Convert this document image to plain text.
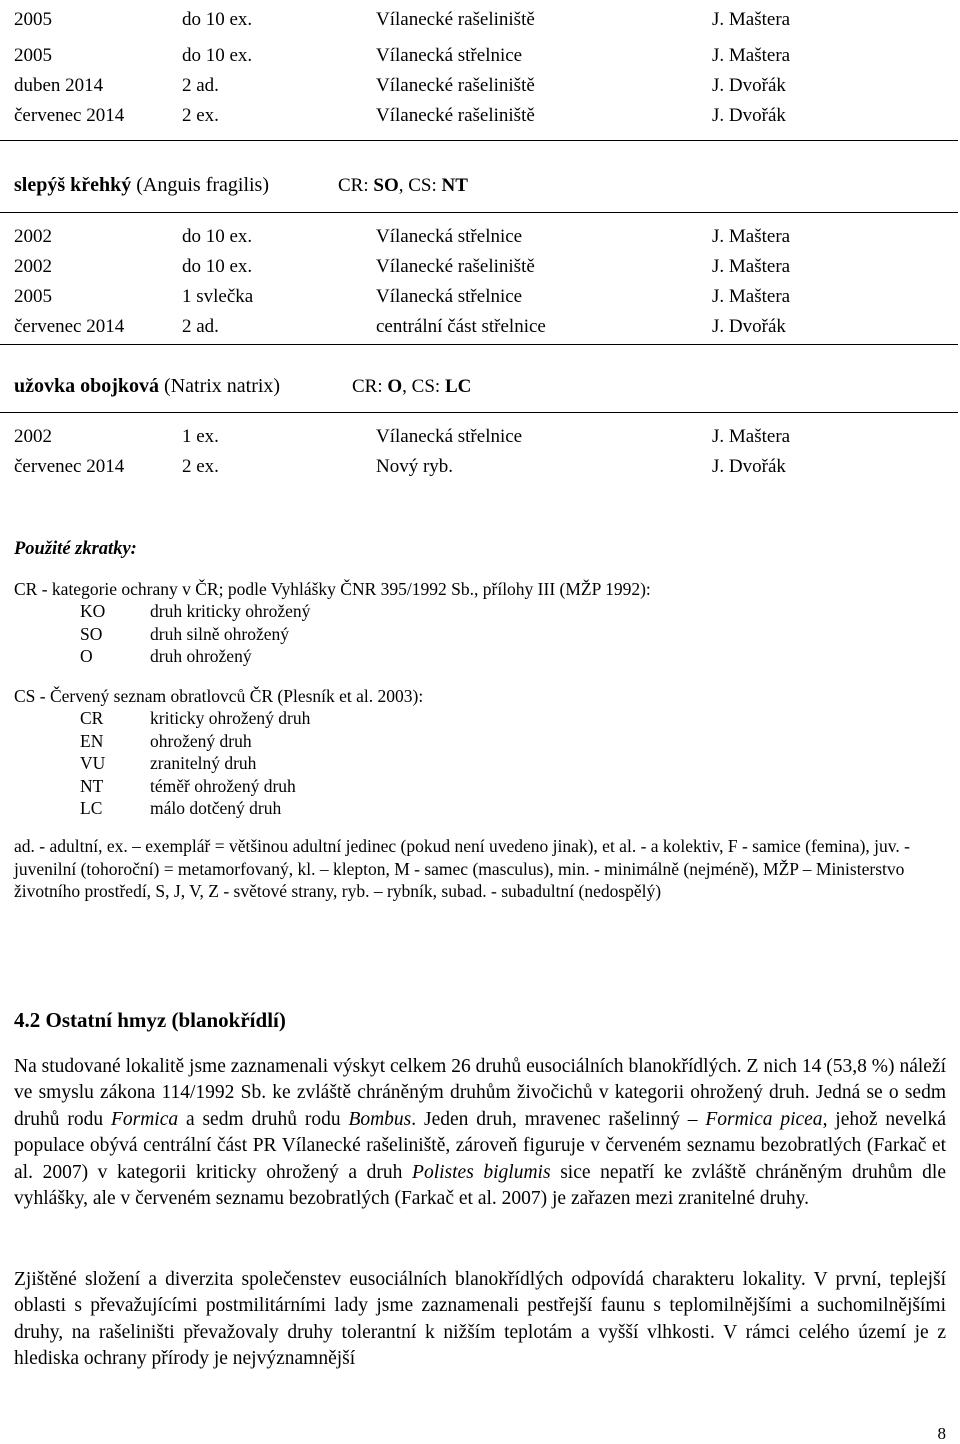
2005	do 10 ex.	Vílanecké rašeliniště	J. Maštera
2005	do 10 ex.	Vílanecká střelnice	J. Maštera
duben 2014	2 ad.	Vílanecké rašeliniště	J. Dvořák
červenec 2014	2 ex.	Vílanecké rašeliniště	J. Dvořák
slepýš křehký (Anguis fragilis)	CR: SO, CS: NT
2002	do 10 ex.	Vílanecká střelnice	J. Maštera
2002	do 10 ex.	Vílanecké rašeliniště	J. Maštera
2005	1 svlečka	Vílanecká střelnice	J. Maštera
červenec 2014	2 ad.	centrální část střelnice	J. Dvořák
užovka obojková (Natrix natrix)	CR: O, CS: LC
2002	1 ex.	Vílanecká střelnice	J. Maštera
červenec 2014	2 ex.	Nový ryb.	J. Dvořák
Použité zkratky:
CR - kategorie ochrany v ČR; podle Vyhlášky ČNR 395/1992 Sb., přílohy III (MŽP 1992):
KO	druh kriticky ohrožený
SO	druh silně ohrožený
O	druh ohrožený
CS - Červený seznam obratlovců ČR (Plesník et al. 2003):
CR	kriticky ohrožený druh
EN	ohrožený druh
VU	zranitelný druh
NT	téměř ohrožený druh
LC	málo dotčený druh
ad. - adultní, ex. – exemplář = většinou adultní jedinec (pokud není uvedeno jinak), et al. - a kolektiv, F - samice (femina), juv. - juvenilní (tohoroční) = metamorfovaný, kl. – klepton, M - samec (masculus), min. - minimálně (nejméně), MŽP – Ministerstvo životního prostředí, S, J, V, Z - světové strany, ryb. – rybník, subad. - subadultní (nedospělý)
4.2 Ostatní hmyz (blanokřídlí)
Na studované lokalitě jsme zaznamenali výskyt celkem 26 druhů eusociálních blanokřídlých. Z nich 14 (53,8 %) náleží ve smyslu zákona 114/1992 Sb. ke zvláště chráněným druhům živočichů v kategorii ohrožený druh. Jedná se o sedm druhů rodu Formica a sedm druhů rodu Bombus. Jeden druh, mravenec rašelinný – Formica picea, jehož nevelká populace obývá centrální část PR Vílanecké rašeliniště, zároveň figuruje v červeném seznamu bezobratlých (Farkač et al. 2007) v kategorii kriticky ohrožený a druh Polistes biglumis sice nepatří ke zvláště chráněným druhům dle vyhlášky, ale v červeném seznamu bezobratlých (Farkač et al. 2007) je zařazen mezi zranitelné druhy.
Zjištěné složení a diverzita společenstev eusociálních blanokřídlých odpovídá charakteru lokality. V první, teplejší oblasti s převažujícími postmilitárními lady jsme zaznamenali pestřejší faunu s teplomilnějšími a suchomilnějšími druhy, na rašeliništi převažovaly druhy tolerantní k nižším teplotám a vyšší vlhkosti. V rámci celého území je z hlediska ochrany přírody je nejvýznamnější
8
